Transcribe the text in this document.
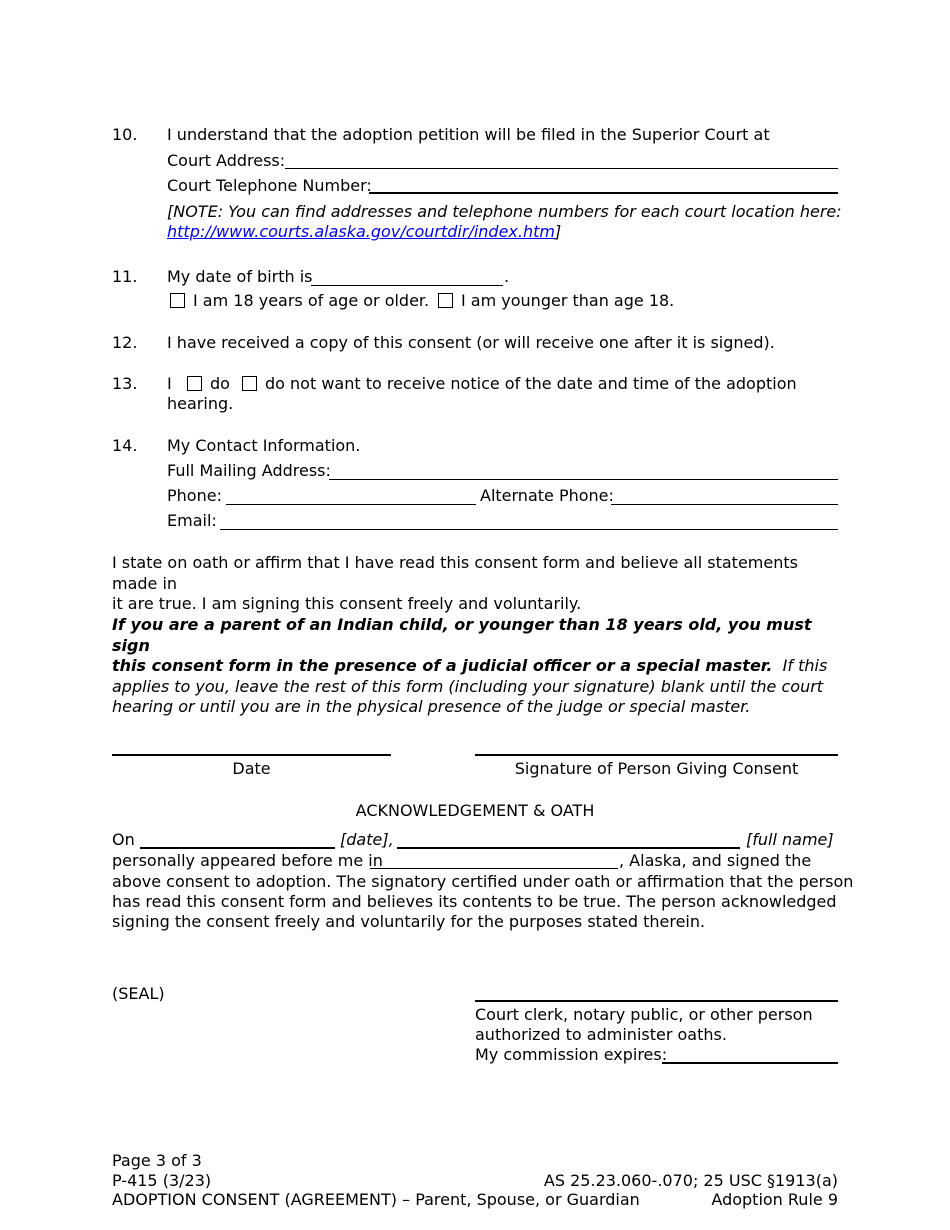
10. I understand that the adoption petition will be filed in the Superior Court at
Court Address:
Court Telephone Number:
[NOTE: You can find addresses and telephone numbers for each court location here:
http://www.courts.alaska.gov/courtdir/index.htm]
11. My date of birth is	.
I am 18 years of age or older. I am younger than age 18.
12. I have received a copy of this consent (or will receive one after it is signed).
13. I do do not want to receive notice of the date and time of the adoption
hearing.
14. My Contact Information.
Full Mailing Address:
Phone:	Alternate Phone:
Email:
I state on oath or affirm that I have read this consent form and believe all statements made in
it are true. I am signing this consent freely and voluntarily.
If you are a parent of an Indian child, or younger than 18 years old, you must sign
this consent form in the presence of a judicial officer or a special master. If this
applies to you, leave the rest of this form (including your signature) blank until the court
hearing or until you are in the physical presence of the judge or special master.
Date	Signature of Person Giving Consent
ACKNOWLEDGEMENT & OATH
On	[date],	[full name]
personally appeared before me in	, Alaska, and signed the
above consent to adoption. The signatory certified under oath or affirmation that the person
has read this consent form and believes its contents to be true. The person acknowledged
signing the consent freely and voluntarily for the purposes stated therein.
(SEAL)
Court clerk, notary public, or other person
authorized to administer oaths.
My commission expires:
Page 3 of 3
P-415 (3/23)	AS 25.23.060-.070; 25 USC §1913(a)
ADOPTION CONSENT (AGREEMENT) – Parent, Spouse, or Guardian	Adoption Rule 9
